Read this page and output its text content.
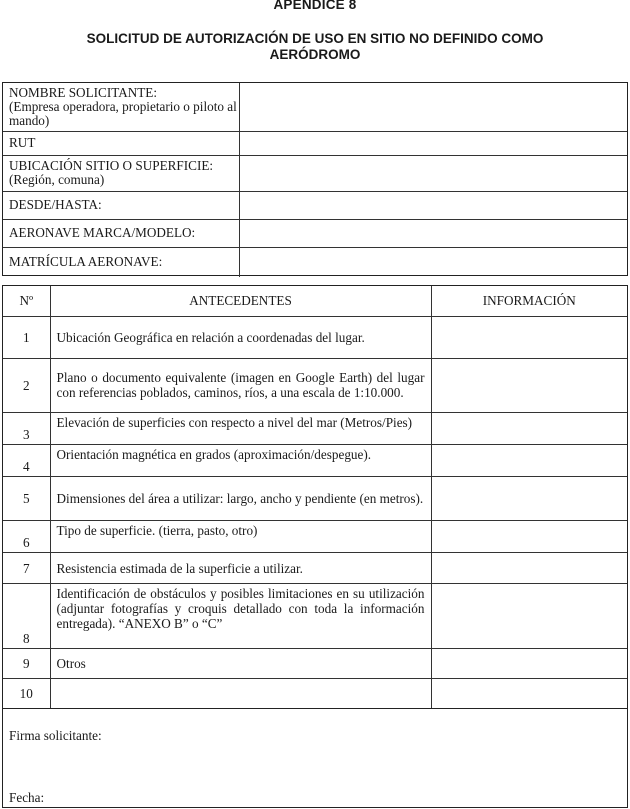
APENDICE 8
SOLICITUD DE AUTORIZACIÓN DE USO EN SITIO NO DEFINIDO COMO AERÓDROMO
NOMBRE SOLICITANTE:
(Empresa operadora, propietario o piloto al mando)	
RUT	
UBICACIÓN SITIO O SUPERFICIE:
(Región, comuna)	
DESDE/HASTA:	
AERONAVE MARCA/MODELO:	
MATRÍCULA AERONAVE:	
Nº	ANTECEDENTES	INFORMACIÓN
1	Ubicación Geográfica en relación a coordenadas del lugar.	
2	Plano o documento equivalente (imagen en Google Earth) del lugar con referencias poblados, caminos, ríos, a una escala de 1:10.000.	
3	Elevación de superficies con respecto a nivel del mar (Metros/Pies)	
4	Orientación magnética en grados (aproximación/despegue).	
5	Dimensiones del área a utilizar: largo, ancho y pendiente (en metros).	
6	Tipo de superficie. (tierra, pasto, otro)	
7	Resistencia estimada de la superficie a utilizar.	
8	Identificación de obstáculos y posibles limitaciones en su utilización (adjuntar fotografías y croquis detallado con toda la información entregada). “ANEXO B” o “C”	
9	Otros	
10		
Firma solicitante:
Fecha:
